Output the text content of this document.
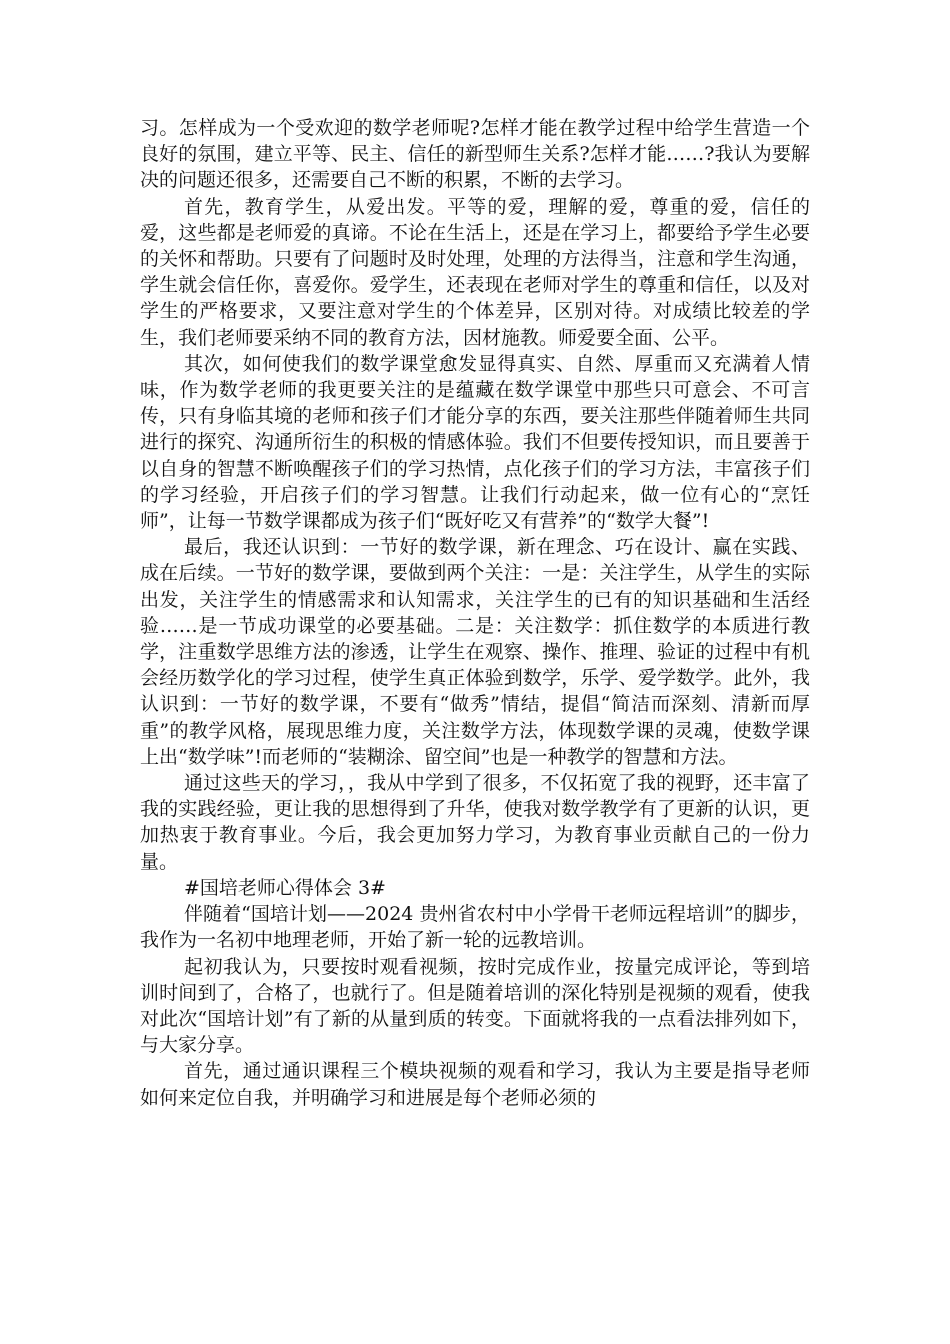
习。怎样成为一个受欢迎的数学老师呢?怎样才能在教学过程中给学生营造一个良好的氛围，建立平等、民主、信任的新型师生关系?怎样才能……?我认为要解决的问题还很多，还需要自己不断的积累，不断的去学习。

首先，教育学生，从爱出发。平等的爱，理解的爱，尊重的爱，信任的爱，这些都是老师爱的真谛。不论在生活上，还是在学习上，都要给予学生必要的关怀和帮助。只要有了问题时及时处理，处理的方法得当，注意和学生沟通，学生就会信任你，喜爱你。爱学生，还表现在老师对学生的尊重和信任，以及对学生的严格要求，又要注意对学生的个体差异，区别对待。对成绩比较差的学生，我们老师要采纳不同的教育方法，因材施教。师爱要全面、公平。

其次，如何使我们的数学课堂愈发显得真实、自然、厚重而又充满着人情味，作为数学老师的我更要关注的是蕴藏在数学课堂中那些只可意会、不可言传，只有身临其境的老师和孩子们才能分享的东西，要关注那些伴随着师生共同进行的探究、沟通所衍生的积极的情感体验。我们不但要传授知识，而且要善于以自身的智慧不断唤醒孩子们的学习热情，点化孩子们的学习方法，丰富孩子们的学习经验，开启孩子们的学习智慧。让我们行动起来，做一位有心的“烹饪师”，让每一节数学课都成为孩子们“既好吃又有营养”的“数学大餐”!

最后，我还认识到：一节好的数学课，新在理念、巧在设计、赢在实践、成在后续。一节好的数学课，要做到两个关注：一是：关注学生，从学生的实际出发，关注学生的情感需求和认知需求，关注学生的已有的知识基础和生活经验……是一节成功课堂的必要基础。二是：关注数学：抓住数学的本质进行教学，注重数学思维方法的渗透，让学生在观察、操作、推理、验证的过程中有机会经历数学化的学习过程，使学生真正体验到数学，乐学、爱学数学。此外，我认识到：一节好的数学课，不要有“做秀”情结，提倡“简洁而深刻、清新而厚重”的教学风格，展现思维力度，关注数学方法，体现数学课的灵魂，使数学课上出“数学味”!而老师的“装糊涂、留空间”也是一种教学的智慧和方法。

通过这些天的学习，，我从中学到了很多，不仅拓宽了我的视野，还丰富了我的实践经验，更让我的思想得到了升华，使我对数学教学有了更新的认识，更加热衷于教育事业。今后，我会更加努力学习，为教育事业贡献自己的一份力量。

#国培老师心得体会 3#

伴随着“国培计划——2024 贵州省农村中小学骨干老师远程培训”的脚步，我作为一名初中地理老师，开始了新一轮的远教培训。

起初我认为，只要按时观看视频，按时完成作业，按量完成评论，等到培训时间到了，合格了，也就行了。但是随着培训的深化特别是视频的观看，使我对此次“国培计划”有了新的从量到质的转变。下面就将我的一点看法排列如下，与大家分享。

首先，通过通识课程三个模块视频的观看和学习，我认为主要是指导老师如何来定位自我，并明确学习和进展是每个老师必须的
